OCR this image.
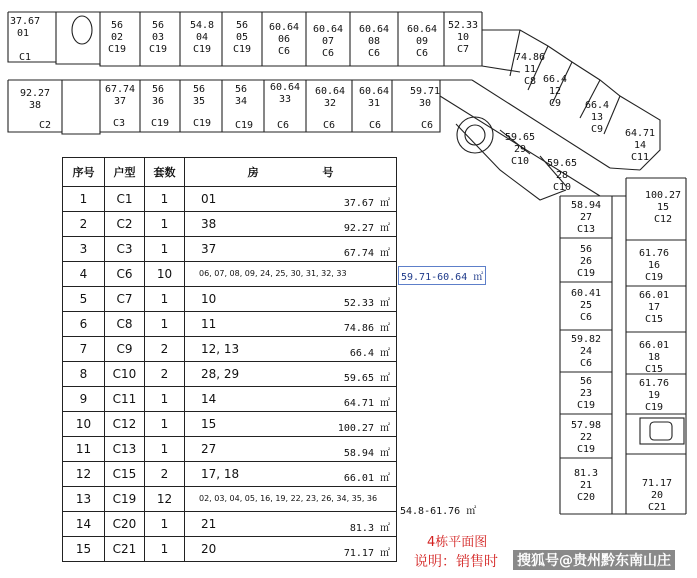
37.67
01
C1
56
02
C19
56
03
C19
54.8
04
C19
56
05
C19
60.64
06
C6
60.64
07
C6
60.64
08
C6
60.64
09
C6
52.33
10
C7
74.86
11
C8 66.4
12
C9	66.4
13
C9	64.71
14
C11
100.27
15
C12
61.76
16
C19
66.01
17
C15
66.01
18
C15
61.76
19
C19
71.17
20
C21
81.3
21
C20
57.98
22
C19
56
23
C19
59.82
24
C6
60.41
25
C6
56
26
C19
58.94
27
C13
59.65
28
C10
59.65
29
C10
59.71
30
C6
60.64
31
C6
60.64
32
C6
60.64
33
C6
56
34
C19
56
35
C19
56
36
C19
67.74
37
C3
92.27
38
C2
序号	户型	套数	房 号
1	C1	1	01 37.67 ㎡

2	C2	1	38 92.27 ㎡

3	C3	1	37 67.74 ㎡

4	C6	10	06, 07, 08, 09, 24, 25, 30, 31, 32, 33

5	C7	1	10 52.33 ㎡

6	C8	1	11 74.86 ㎡

7	C9	2	12, 13 66.4 ㎡

8	C10	2	28, 29 59.65 ㎡

9	C11	1	14 64.71 ㎡

10	C12	1	15 100.27 ㎡

11	C13	1	27 58.94 ㎡

12	C15	2	17, 18 66.01 ㎡

13	C19	12	02, 03, 04, 05, 16, 19, 22, 23, 26, 34, 35, 36

14	C20	1	21 81.3 ㎡

15	C21	1	20 71.17 ㎡
59.71-60.64 ㎡
54.8-61.76 ㎡
4栋平面图
说明：销售时 搜狐号@贵州黔东南山庄
